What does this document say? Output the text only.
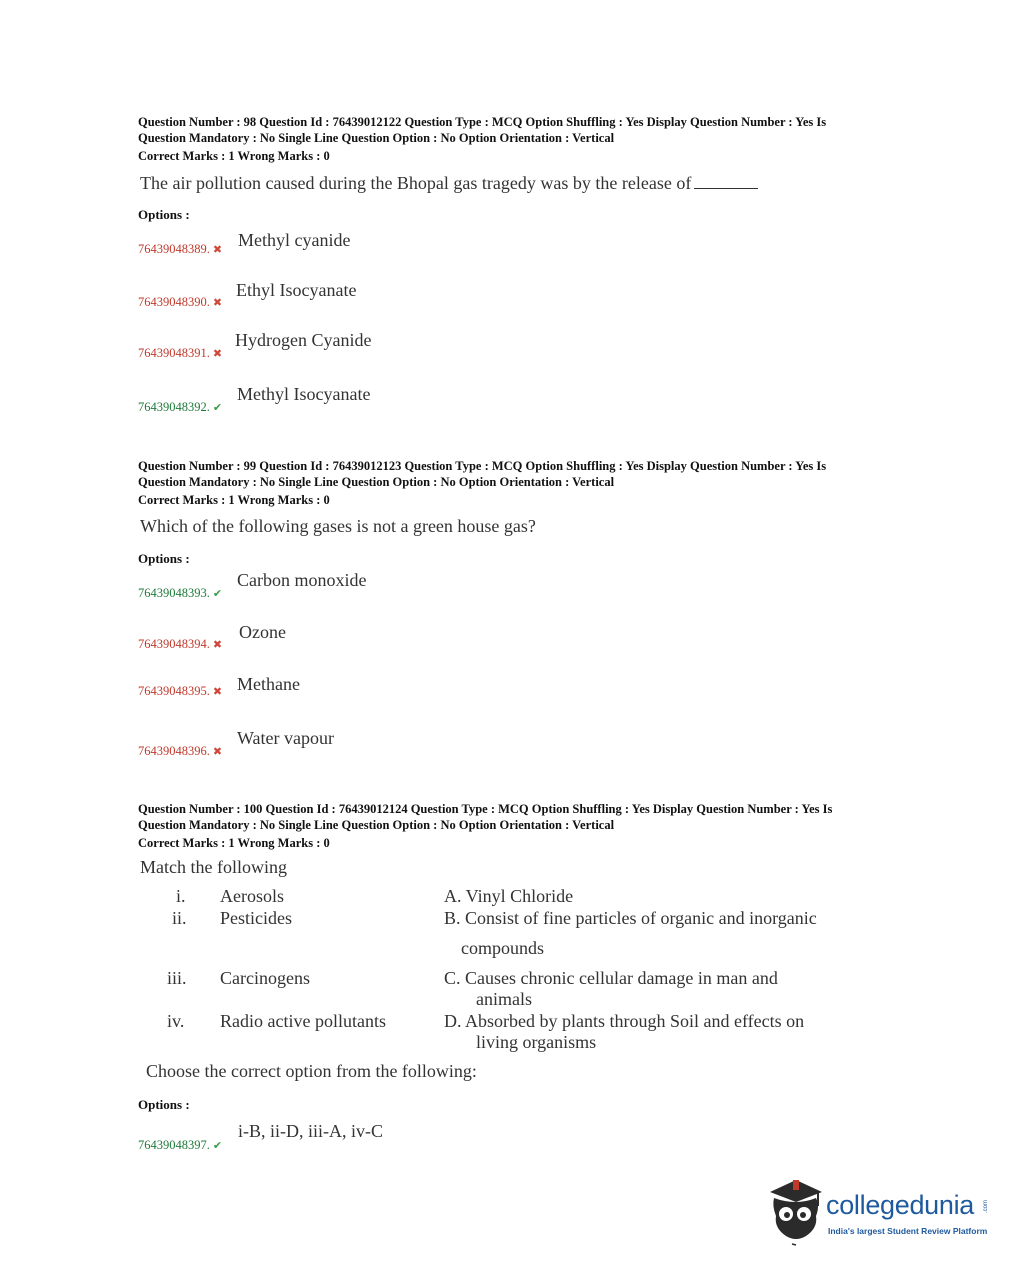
Question Number : 98 Question Id : 76439012122 Question Type : MCQ Option Shuffling : Yes Display Question Number : Yes Is
Question Mandatory : No Single Line Question Option : No Option Orientation : Vertical
Correct Marks : 1 Wrong Marks : 0
The air pollution caused during the Bhopal gas tragedy was by the release of
Options :
76439048389. ✖ Methyl cyanide
76439048390. ✖
Ethyl Isocyanate
76439048391. ✖
Hydrogen Cyanide
76439048392. ✔
Methyl Isocyanate
Question Number : 99 Question Id : 76439012123 Question Type : MCQ Option Shuffling : Yes Display Question Number : Yes Is
Question Mandatory : No Single Line Question Option : No Option Orientation : Vertical
Correct Marks : 1 Wrong Marks : 0
Which of the following gases is not a green house gas?
Options :
76439048393. ✔
Carbon monoxide
76439048394. ✖
Ozone
76439048395. ✖ Methane
76439048396. ✖
Water vapour
Question Number : 100 Question Id : 76439012124 Question Type : MCQ Option Shuffling : Yes Display Question Number : Yes Is
Question Mandatory : No Single Line Question Option : No Option Orientation : Vertical
Correct Marks : 1 Wrong Marks : 0
Match the following
i. Aerosols
ii. Pesticides
iii. Carcinogens
iv. Radio active pollutants
A. Vinyl Chloride
B. Consist of fine particles of organic and inorganic
compounds
C. Causes chronic cellular damage in man and
animals
D. Absorbed by plants through Soil and effects on
living organisms
Choose the correct option from the following:
Options :
76439048397. ✔
i-B, ii-D, iii-A, iv-C
collegedunia .com
India's largest Student Review Platform
